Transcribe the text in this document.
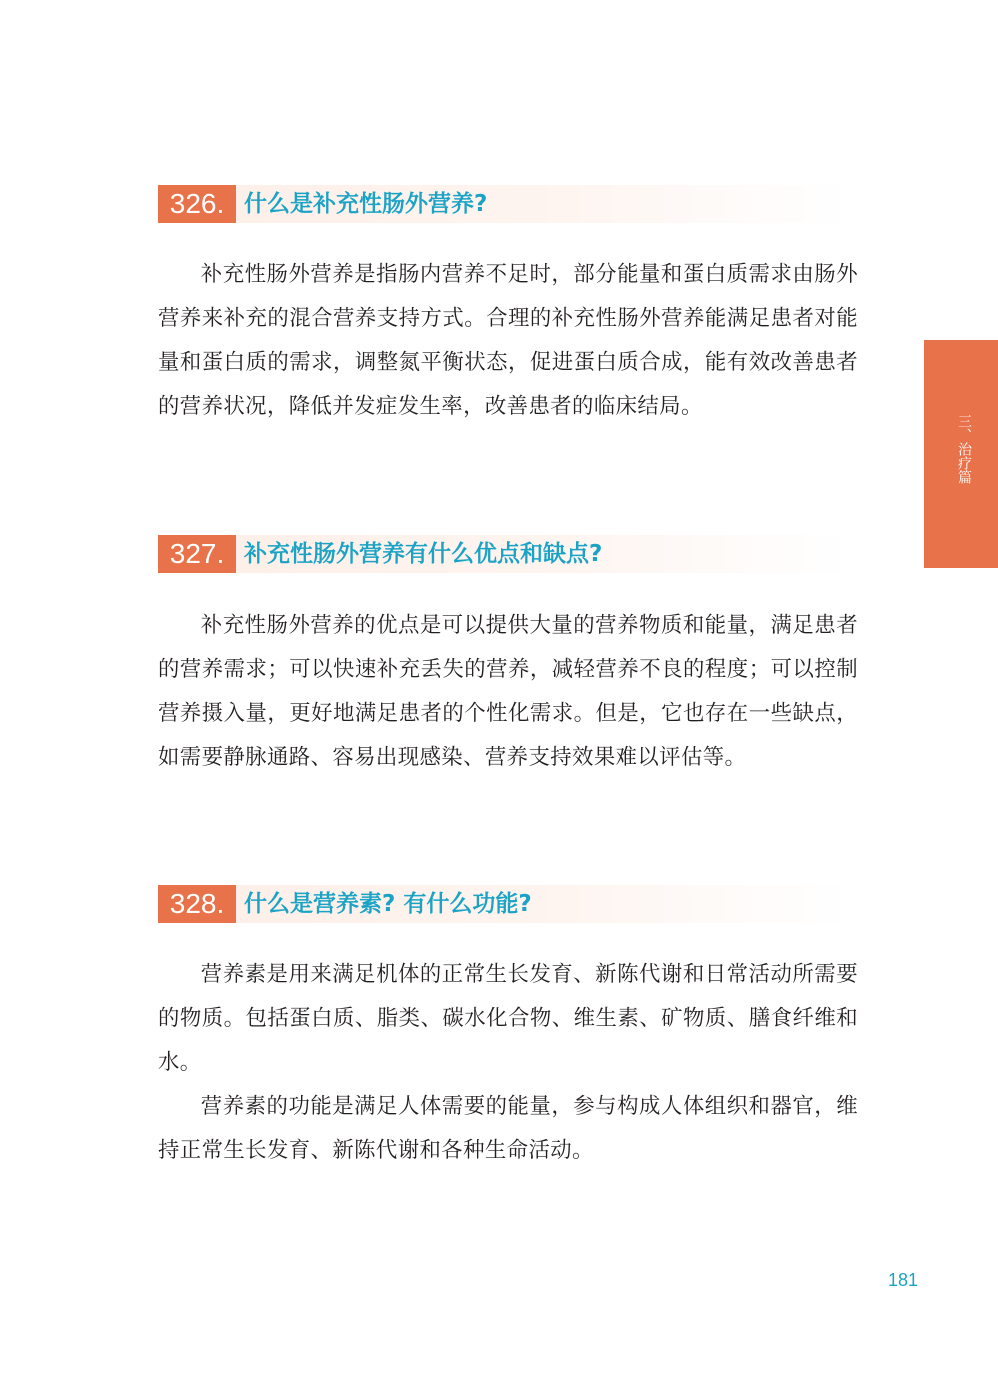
326. 什么是补充性肠外营养?

补充性肠外营养是指肠内营养不足时，部分能量和蛋白质需求由肠外营养来补充的混合营养支持方式。合理的补充性肠外营养能满足患者对能量和蛋白质的需求，调整氮平衡状态，促进蛋白质合成，能有效改善患者的营养状况，降低并发症发生率，改善患者的临床结局。

327. 补充性肠外营养有什么优点和缺点?

补充性肠外营养的优点是可以提供大量的营养物质和能量，满足患者的营养需求；可以快速补充丢失的营养，减轻营养不良的程度；可以控制营养摄入量，更好地满足患者的个性化需求。但是，它也存在一些缺点，如需要静脉通路、容易出现感染、营养支持效果难以评估等。

328. 什么是营养素? 有什么功能?

营养素是用来满足机体的正常生长发育、新陈代谢和日常活动所需要的物质。包括蛋白质、脂类、碳水化合物、维生素、矿物质、膳食纤维和水。

营养素的功能是满足人体需要的能量，参与构成人体组织和器官，维持正常生长发育、新陈代谢和各种生命活动。

三、治疗篇
181
